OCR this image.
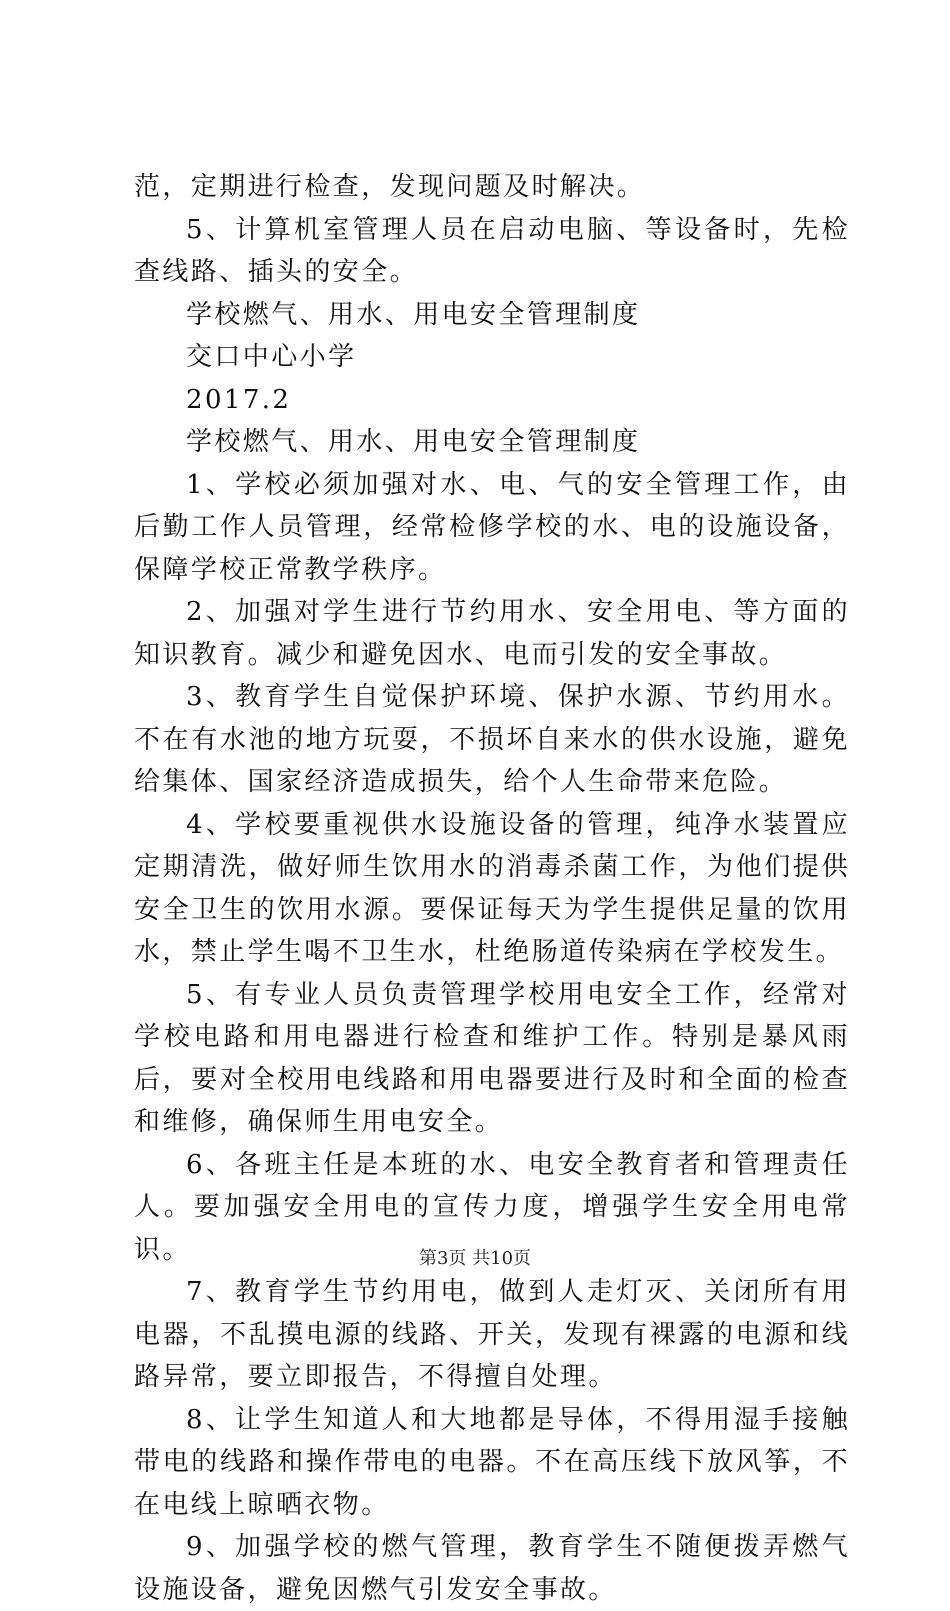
范，定期进行检查，发现问题及时解决。

5、计算机室管理人员在启动电脑、等设备时，先检查线路、插头的安全。

学校燃气、用水、用电安全管理制度

交口中心小学

2017.2

学校燃气、用水、用电安全管理制度

1、学校必须加强对水、电、气的安全管理工作，由后勤工作人员管理，经常检修学校的水、电的设施设备，保障学校正常教学秩序。

2、加强对学生进行节约用水、安全用电、等方面的知识教育。减少和避免因水、电而引发的安全事故。

3、教育学生自觉保护环境、保护水源、节约用水。不在有水池的地方玩耍，不损坏自来水的供水设施，避免给集体、国家经济造成损失，给个人生命带来危险。

4、学校要重视供水设施设备的管理，纯净水装置应定期清洗，做好师生饮用水的消毒杀菌工作，为他们提供安全卫生的饮用水源。要保证每天为学生提供足量的饮用水，禁止学生喝不卫生水，杜绝肠道传染病在学校发生。

5、有专业人员负责管理学校用电安全工作，经常对学校电路和用电器进行检查和维护工作。特别是暴风雨后，要对全校用电线路和用电器要进行及时和全面的检查和维修，确保师生用电安全。

6、各班主任是本班的水、电安全教育者和管理责任人。要加强安全用电的宣传力度，增强学生安全用电常识。

7、教育学生节约用电，做到人走灯灭、关闭所有用电器，不乱摸电源的线路、开关，发现有裸露的电源和线路异常，要立即报告，不得擅自处理。

8、让学生知道人和大地都是导体，不得用湿手接触带电的线路和操作带电的电器。不在高压线下放风筝，不在电线上晾晒衣物。

9、加强学校的燃气管理，教育学生不随便拨弄燃气设施设备，避免因燃气引发安全事故。

第3页 共10页
